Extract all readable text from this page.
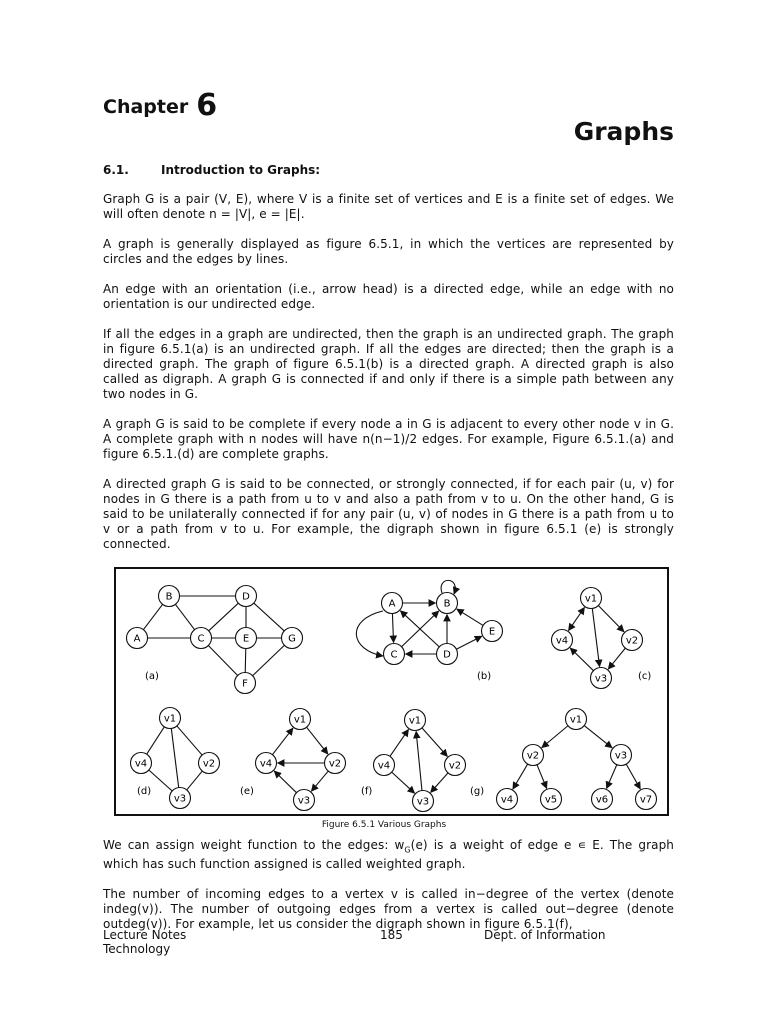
Chapter 6
Graphs
6.1.	Introduction to Graphs:

Graph G is a pair (V, E), where V is a finite set of vertices and E is a finite set of edges. We will often denote n = |V|, e = |E|.

A graph is generally displayed as figure 6.5.1, in which the vertices are represented by circles and the edges by lines.

An edge with an orientation (i.e., arrow head) is a directed edge, while an edge with no orientation is our undirected edge.

If all the edges in a graph are undirected, then the graph is an undirected graph. The graph in figure 6.5.1(a) is an undirected graph. If all the edges are directed; then the graph is a directed graph. The graph of figure 6.5.1(b) is a directed graph. A directed graph is also called as digraph. A graph G is connected if and only if there is a simple path between any two nodes in G.

A graph G is said to be complete if every node a in G is adjacent to every other node v in G. A complete graph with n nodes will have n(n−1)/2 edges. For example, Figure 6.5.1.(a) and figure 6.5.1.(d) are complete graphs.

A directed graph G is said to be connected, or strongly connected, if for each pair (u, v) for nodes in G there is a path from u to v and also a path from v to u. On the other hand, G is said to be unilaterally connected if for any pair (u, v) of nodes in G there is a path from u to v or a path from v to u. For example, the digraph shown in figure 6.5.1 (e) is strongly connected.

A
B
C
D
E
F
G
A	B
C	D
E
v1
v2
v3
v4
v1
v2
v3
v4
v1
v2
v3
v4
v1
v2
v3
v4
v1
v2	v3
v4	v5	v6	v7
(a)	(b)	(c)
(d)	(e)	(f)	(g)
Figure 6.5.1 Various Graphs

We can assign weight function to the edges: $w_G(e)$ is a weight of edge e ∊ E. The graph which has such function assigned is called weighted graph.

The number of incoming edges to a vertex v is called in−degree of the vertex (denote indeg(v)). The number of outgoing edges from a vertex is called out−degree (denote outdeg(v)). For example, let us consider the digraph shown in figure 6.5.1(f),

Lecture Notes
Technology
185	Dept. of Information
